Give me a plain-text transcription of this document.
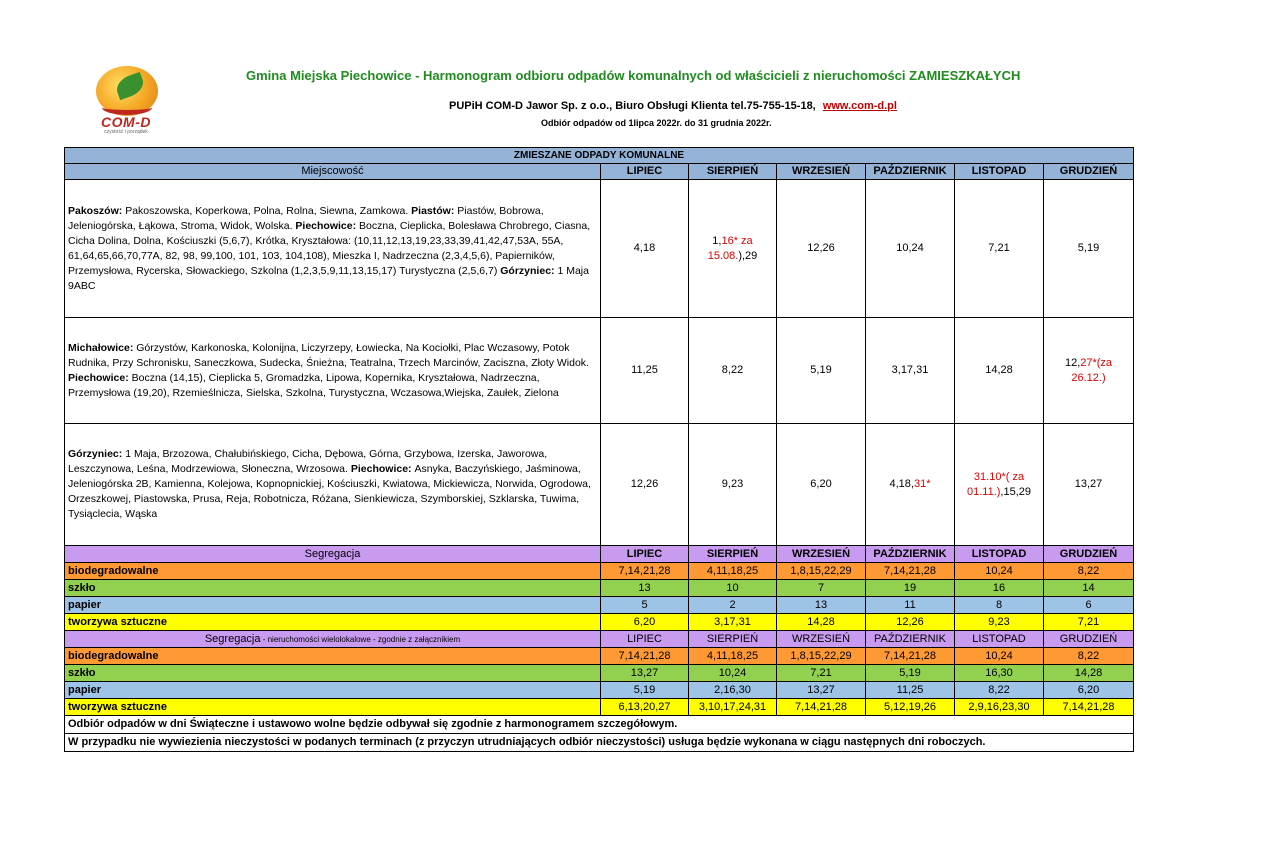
COM-D
czystość i porządek
Gmina Miejska Piechowice - Harmonogram odbioru odpadów komunalnych od właścicieli z nieruchomości ZAMIESZKAŁYCH
PUPiH COM-D Jawor Sp. z o.o., Biuro Obsługi Klienta tel.75-755-15-18, www.com-d.pl
Odbiór odpadów od 1lipca 2022r. do 31 grudnia 2022r.
ZMIESZANE ODPADY KOMUNALNE						
Miejscowość	LIPIEC	SIERPIEŃ	WRZESIEŃ	PAŹDZIERNIK	LISTOPAD	GRUDZIEŃ
Pakoszów: Pakoszowska, Koperkowa, Polna, Rolna, Siewna, Zamkowa. Piastów: Piastów, Bobrowa, Jeleniogórska, Łąkowa, Stroma, Widok, Wolska. Piechowice: Boczna, Cieplicka, Bolesława Chrobrego, Ciasna, Cicha Dolina, Dolna, Kościuszki (5,6,7), Krótka, Kryształowa: (10,11,12,13,19,23,33,39,41,42,47,53A, 55A, 61,64,65,66,70,77A, 82, 98, 99,100, 101, 103, 104,108), Mieszka I, Nadrzeczna (2,3,4,5,6), Papierników, Przemysłowa, Rycerska, Słowackiego, Szkolna (1,2,3,5,9,11,13,15,17) Turystyczna (2,5,6,7) Górzyniec: 1 Maja 9ABC	4,18	1,16* za 15.08.),29	12,26	10,24	7,21	5,19
Michałowice: Górzystów, Karkonoska, Kolonijna, Liczyrzepy, Łowiecka, Na Kociołki, Plac Wczasowy, Potok Rudnika, Przy Schronisku, Saneczkowa, Sudecka, Śnieżna, Teatralna, Trzech Marcinów, Zaciszna, Złoty Widok. Piechowice: Boczna (14,15), Cieplicka 5, Gromadzka, Lipowa, Kopernika, Kryształowa, Nadrzeczna, Przemysłowa (19,20), Rzemieślnicza, Sielska, Szkolna, Turystyczna, Wczasowa,Wiejska, Zaułek, Zielona	11,25	8,22	5,19	3,17,31	14,28	12,27*(za 26.12.)
Górzyniec: 1 Maja, Brzozowa, Chałubińskiego, Cicha, Dębowa, Górna, Grzybowa, Izerska, Jaworowa, Leszczynowa, Leśna, Modrzewiowa, Słoneczna, Wrzosowa. Piechowice: Asnyka, Baczyńskiego, Jaśminowa, Jeleniogórska 2B, Kamienna, Kolejowa, Kopnopnickiej, Kościuszki, Kwiatowa, Mickiewicza, Norwida, Ogrodowa, Orzeszkowej, Piastowska, Prusa, Reja, Robotnicza, Różana, Sienkiewicza, Szymborskiej, Szklarska, Tuwima, Tysiąclecia, Wąska	12,26	9,23	6,20	4,18,31*	31.10*( za 01.11.),15,29	13,27
Segregacja	LIPIEC	SIERPIEŃ	WRZESIEŃ	PAŹDZIERNIK	LISTOPAD	GRUDZIEŃ
biodegradowalne	7,14,21,28	4,11,18,25	1,8,15,22,29	7,14,21,28	10,24	8,22
szkło	13	10	7	19	16	14
papier	5	2	13	11	8	6
tworzywa sztuczne	6,20	3,17,31	14,28	12,26	9,23	7,21
Segregacja - nieruchomości wielolokalowe - zgodnie z załącznikiem	LIPIEC	SIERPIEŃ	WRZESIEŃ	PAŹDZIERNIK	LISTOPAD	GRUDZIEŃ
biodegradowalne	7,14,21,28	4,11,18,25	1,8,15,22,29	7,14,21,28	10,24	8,22
szkło	13,27	10,24	7,21	5,19	16,30	14,28
papier	5,19	2,16,30	13,27	11,25	8,22	6,20
tworzywa sztuczne	6,13,20,27	3,10,17,24,31	7,14,21,28	5,12,19,26	2,9,16,23,30	7,14,21,28
Odbiór odpadów w dni Świąteczne i ustawowo wolne będzie odbywał się zgodnie z harmonogramem szczegółowym.						
W przypadku nie wywiezienia nieczystości w podanych terminach (z przyczyn utrudniających odbiór nieczystości) usługa będzie wykonana w ciągu następnych dni roboczych.						
